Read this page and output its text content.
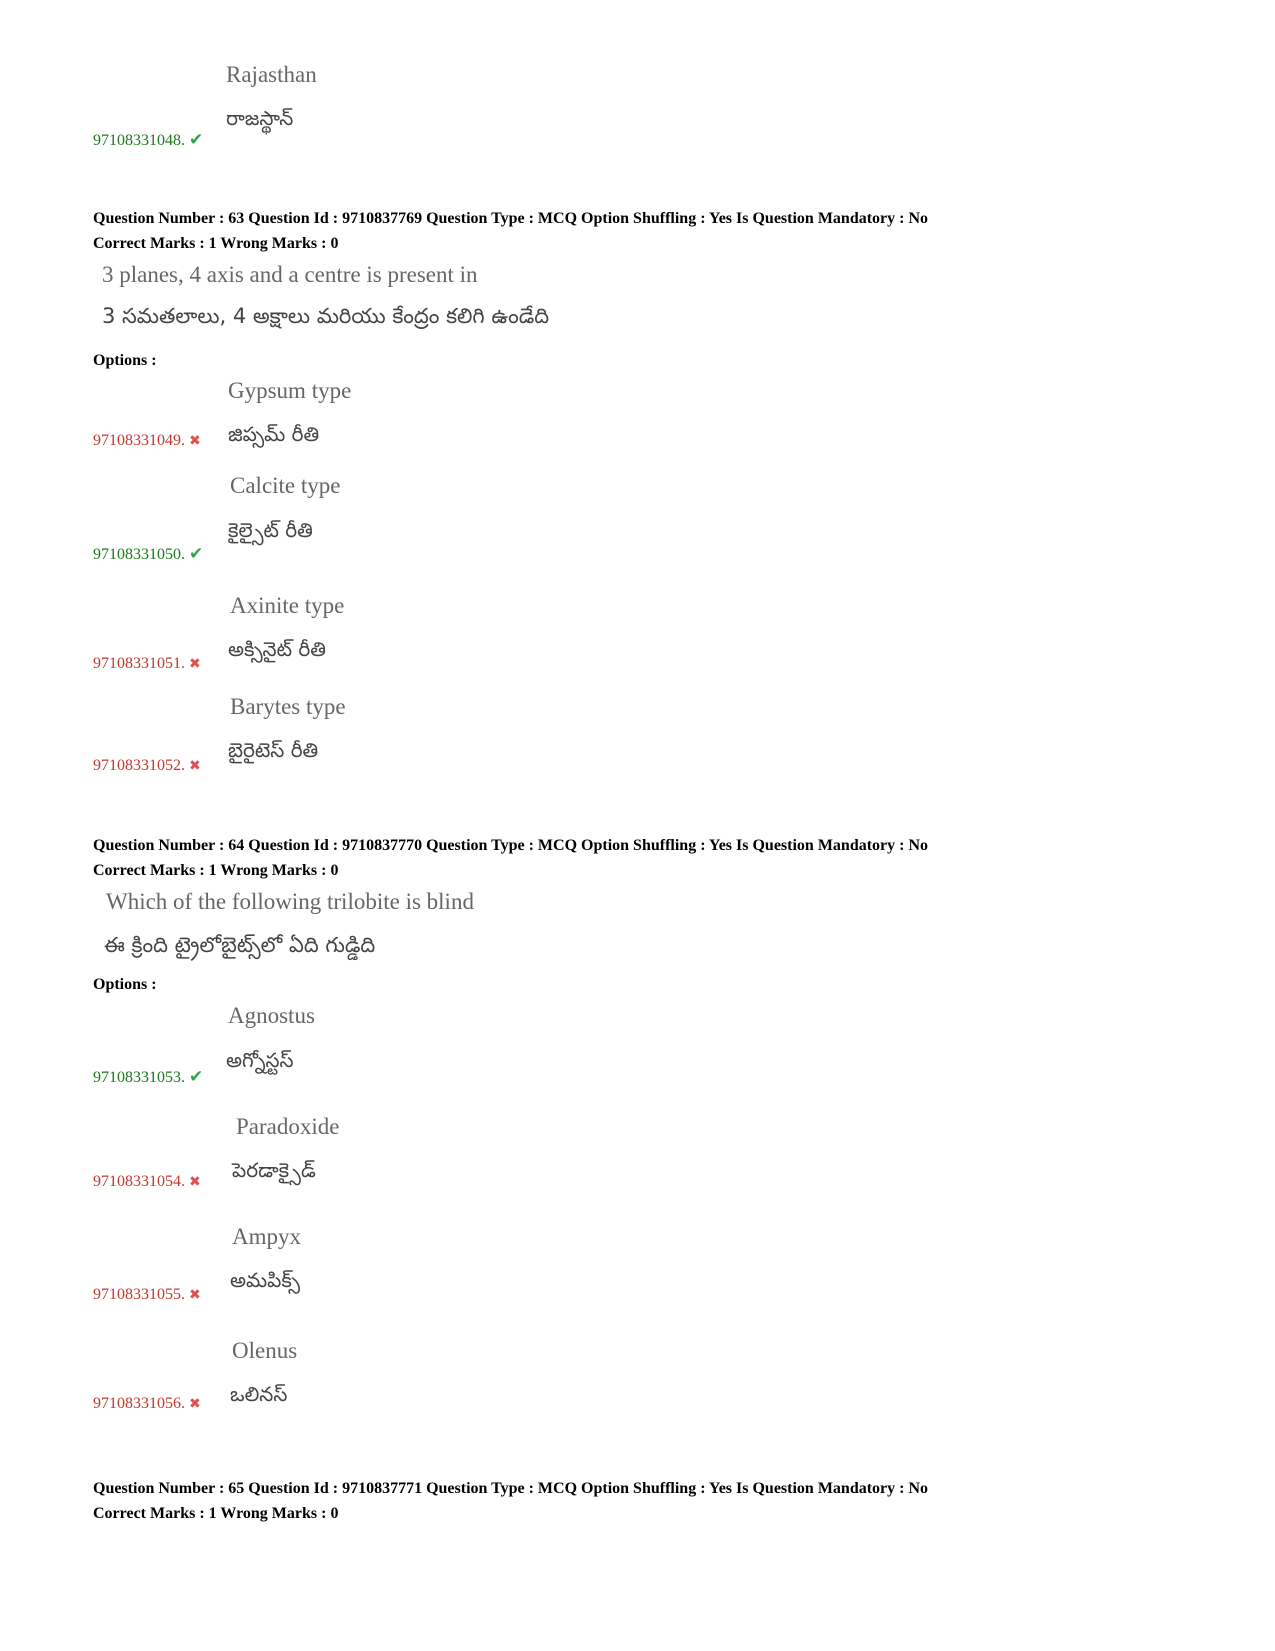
Rajasthan
రాజస్థాన్
97108331048. ✔
Question Number : 63 Question Id : 9710837769 Question Type : MCQ Option Shuffling : Yes Is Question Mandatory : No
Correct Marks : 1 Wrong Marks : 0
3 planes, 4 axis and a centre is present in
3 సమతలాలు, 4 అక్షాలు మరియు కేంద్రం కలిగి ఉండేది
Options :
Gypsum type
జిప్సమ్ రీతి
97108331049. ✖
Calcite type
కైల్సైట్ రీతి
97108331050. ✔
Axinite type
అక్సినైట్ రీతి
97108331051. ✖
Barytes type
బైరైటెస్ రీతి
97108331052. ✖
Question Number : 64 Question Id : 9710837770 Question Type : MCQ Option Shuffling : Yes Is Question Mandatory : No
Correct Marks : 1 Wrong Marks : 0
Which of the following trilobite is blind
ఈ క్రింది ట్రైలోబైట్స్‌లో ఏది గుడ్డిది
Options :
Agnostus
అగ్నోస్టస్
97108331053. ✔
Paradoxide
పెరడాక్సైడ్
97108331054. ✖
Ampyx
అమపిక్స్
97108331055. ✖
Olenus
ఒలినస్
97108331056. ✖
Question Number : 65 Question Id : 9710837771 Question Type : MCQ Option Shuffling : Yes Is Question Mandatory : No
Correct Marks : 1 Wrong Marks : 0
